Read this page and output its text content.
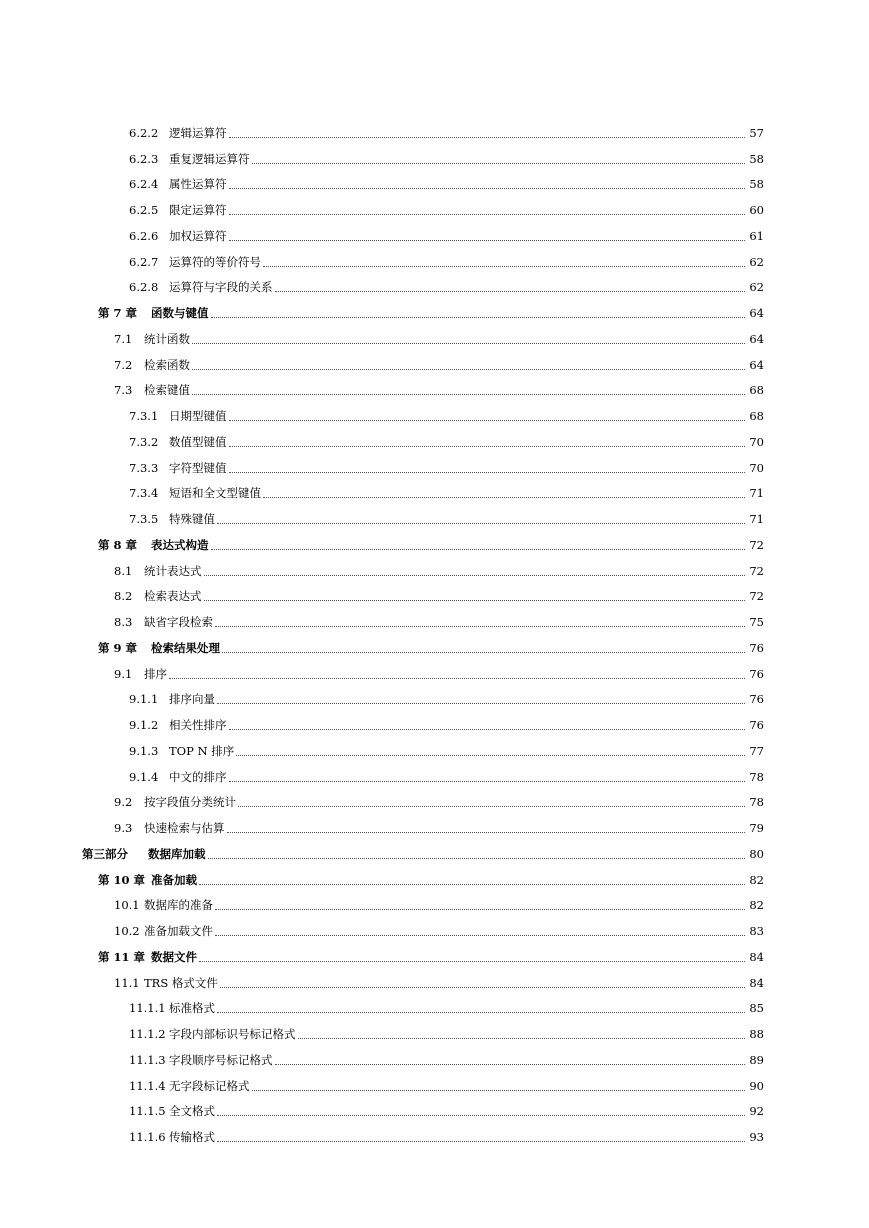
6.2.2 逻辑运算符	57
6.2.3 重复逻辑运算符	58
6.2.4 属性运算符	58
6.2.5 限定运算符	60
6.2.6 加权运算符	61
6.2.7 运算符的等价符号	62
6.2.8 运算符与字段的关系	62
第 7 章	函数与键值	64
7.1	统计函数	64
7.2	检索函数	64
7.3	检索键值	68
7.3.1 日期型键值	68
7.3.2 数值型键值	70
7.3.3 字符型键值	70
7.3.4 短语和全文型键值	71
7.3.5 特殊键值	71
第 8 章	表达式构造	72
8.1	统计表达式	72
8.2	检索表达式	72
8.3	缺省字段检索	75
第 9 章	检索结果处理	76
9.1	排序	76
9.1.1 排序向量	76
9.1.2 相关性排序	76
9.1.3 TOP N 排序	77
9.1.4 中文的排序	78
9.2	按字段值分类统计	78
9.3	快速检索与估算	79
第三部分	数据库加载	80
第 10 章 准备加载	82
10.1 数据库的准备	82
10.2 准备加载文件	83
第 11 章 数据文件	84
11.1 TRS 格式文件	84
11.1.1 标准格式	85
11.1.2 字段内部标识号标记格式	88
11.1.3 字段顺序号标记格式	89
11.1.4 无字段标记格式	90
11.1.5 全文格式	92
11.1.6 传输格式	93
